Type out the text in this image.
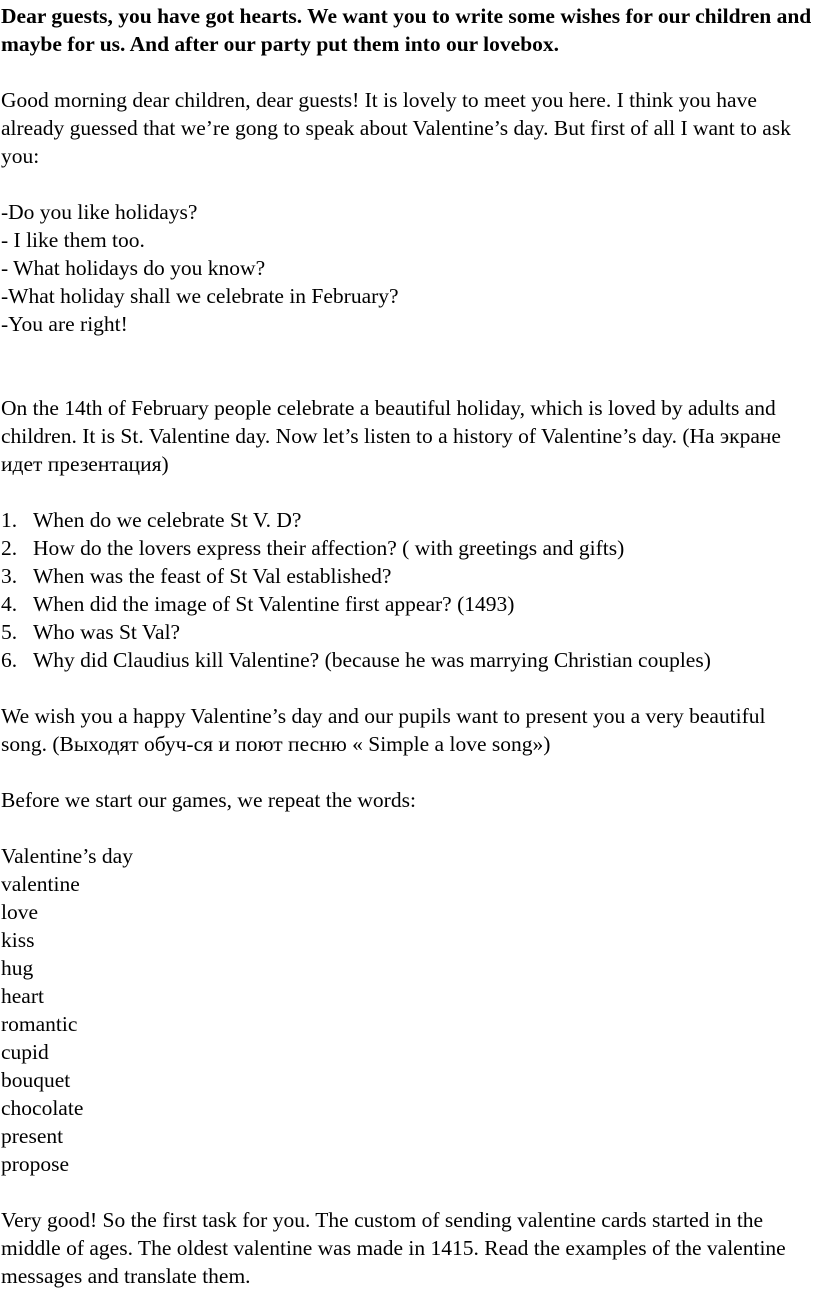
Dear guests, you have got hearts. We want you to write some wishes for our children and maybe for us. And after our party put them into our lovebox.

Good morning dear children, dear guests! It is lovely to meet you here. I think you have already guessed that we’re gong to speak about Valentine’s day. But first of all I want to ask you:

-Do you like holidays?

- I like them too.

- What holidays do you know?

-What holiday shall we celebrate in February?

-You are right!

On the 14th of February people celebrate a beautiful holiday, which is loved by adults and children. It is St. Valentine day. Now let’s listen to a history of Valentine’s day. (На экране идет презентация)

1. When do we celebrate St V. D?
2. How do the lovers express their affection? ( with greetings and gifts)
3. When was the feast of St Val established?
4. When did the image of St Valentine first appear? (1493)
5. Who was St Val?
6. Why did Claudius kill Valentine? (because he was marrying Christian couples)

We wish you a happy Valentine’s day and our pupils want to present you a very beautiful song. (Выходят обуч-ся и поют песню « Simple a love song»)

Before we start our games, we repeat the words:

Valentine’s day
valentine
love
kiss
hug
heart
romantic
cupid
bouquet
chocolate
present
propose

Very good! So the first task for you. The custom of sending valentine cards started in the middle of ages. The oldest valentine was made in 1415. Read the examples of the valentine messages and translate them.
